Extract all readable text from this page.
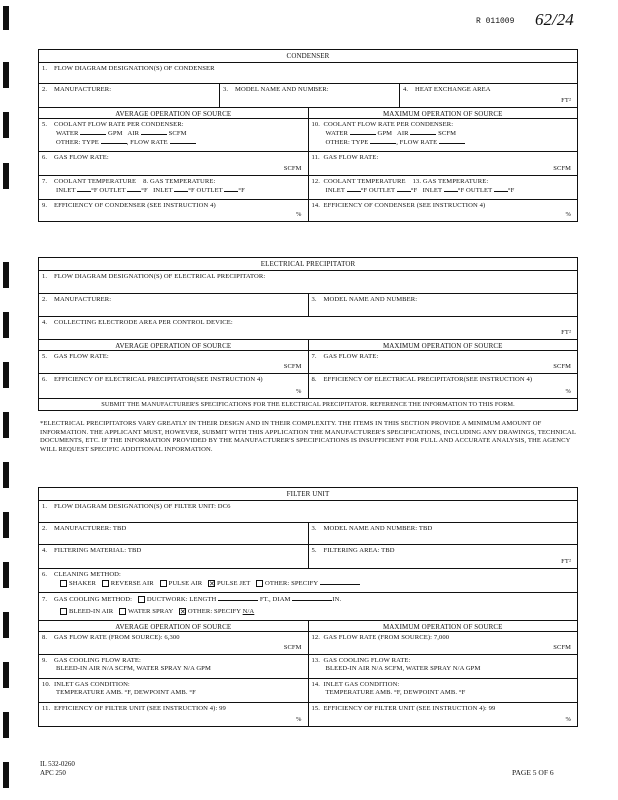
R 011009 62/24
CONDENSER
1. FLOW DIAGRAM DESIGNATION(S) OF CONDENSER
2. MANUFACTURER:	3. MODEL NAME AND NUMBER:	4. HEAT EXCHANGE AREA
FT²
AVERAGE OPERATION OF SOURCE	MAXIMUM OPERATION OF SOURCE
5. COOLANT FLOW RATE PER CONDENSER:
WATER	GPM AIR	SCFM
OTHER: TYPE	, FLOW RATE
10. COOLANT FLOW RATE PER CONDENSER:
WATER	GPM AIR	SCFM
OTHER: TYPE	, FLOW RATE
6. GAS FLOW RATE:
SCFM
11. GAS FLOW RATE:
SCFM
7. COOLANT TEMPERATURE    8. GAS TEMPERATURE:
INLET °F OUTLET °F INLET °F OUTLET °F
12. COOLANT TEMPERATURE    13. GAS TEMPERATURE:
INLET °F OUTLET °F INLET °F OUTLET °F
9. EFFICIENCY OF CONDENSER (SEE INSTRUCTION 4)
%
14. EFFICIENCY OF CONDENSER (SEE INSTRUCTION 4)
%
ELECTRICAL PRECIPITATOR
1. FLOW DIAGRAM DESIGNATION(S) OF ELECTRICAL PRECIPITATOR:
2. MANUFACTURER:	3. MODEL NAME AND NUMBER:
4. COLLECTING ELECTRODE AREA PER CONTROL DEVICE:
FT²
AVERAGE OPERATION OF SOURCE	MAXIMUM OPERATION OF SOURCE
5. GAS FLOW RATE:
SCFM
7. GAS FLOW RATE:
SCFM
6. EFFICIENCY OF ELECTRICAL PRECIPITATOR(SEE INSTRUCTION 4)
%
8. EFFICIENCY OF ELECTRICAL PRECIPITATOR(SEE INSTRUCTION 4)
%
SUBMIT THE MANUFACTURER'S SPECIFICATIONS FOR THE ELECTRICAL PRECIPITATOR. REFERENCE THE INFORMATION TO THIS FORM.
*ELECTRICAL PRECIPITATORS VARY GREATLY IN THEIR DESIGN AND IN THEIR COMPLEXITY. THE ITEMS IN THIS SECTION PROVIDE A MINIMUM AMOUNT OF INFORMATION. THE APPLICANT MUST, HOWEVER, SUBMIT WITH THIS APPLICATION THE MANUFACTURER'S SPECIFICATIONS, INCLUDING ANY DRAWINGS, TECHNICAL DOCUMENTS, ETC. IF THE INFORMATION PROVIDED BY THE MANUFACTURER'S SPECIFICATIONS IS INSUFFICIENT FOR FULL AND ACCURATE ANALYSIS, THE AGENCY WILL REQUEST SPECIFIC ADDITIONAL INFORMATION.
FILTER UNIT
1. FLOW DIAGRAM DESIGNATION(S) OF FILTER UNIT: DC6
2. MANUFACTURER: TBD	3. MODEL NAME AND NUMBER: TBD
4. FILTERING MATERIAL: TBD	5. FILTERING AREA: TBD
FT²
6. CLEANING METHOD:
SHAKER REVERSE AIR PULSE AIR ✕ PULSE JET OTHER: SPECIFY
7. GAS COOLING METHOD: DUCTWORK: LENGTH	FT., DIAM	IN.
BLEED-IN AIR WATER SPRAY ✕ OTHER: SPECIFY N/A
AVERAGE OPERATION OF SOURCE	MAXIMUM OPERATION OF SOURCE
8. GAS FLOW RATE (FROM SOURCE): 6,300
SCFM
12. GAS FLOW RATE (FROM SOURCE): 7,000
SCFM
9. GAS COOLING FLOW RATE:
BLEED-IN AIR N/A SCFM, WATER SPRAY N/A GPM
13. GAS COOLING FLOW RATE:
BLEED-IN AIR N/A SCFM, WATER SPRAY N/A GPM
10. INLET GAS CONDITION:
TEMPERATURE AMB. °F, DEWPOINT AMB. °F
14. INLET GAS CONDITION:
TEMPERATURE AMB. °F, DEWPOINT AMB. °F
11. EFFICIENCY OF FILTER UNIT (SEE INSTRUCTION 4): 99
%
15. EFFICIENCY OF FILTER UNIT (SEE INSTRUCTION 4): 99
%
IL 532-0260
APC 250	PAGE 5 OF 6
